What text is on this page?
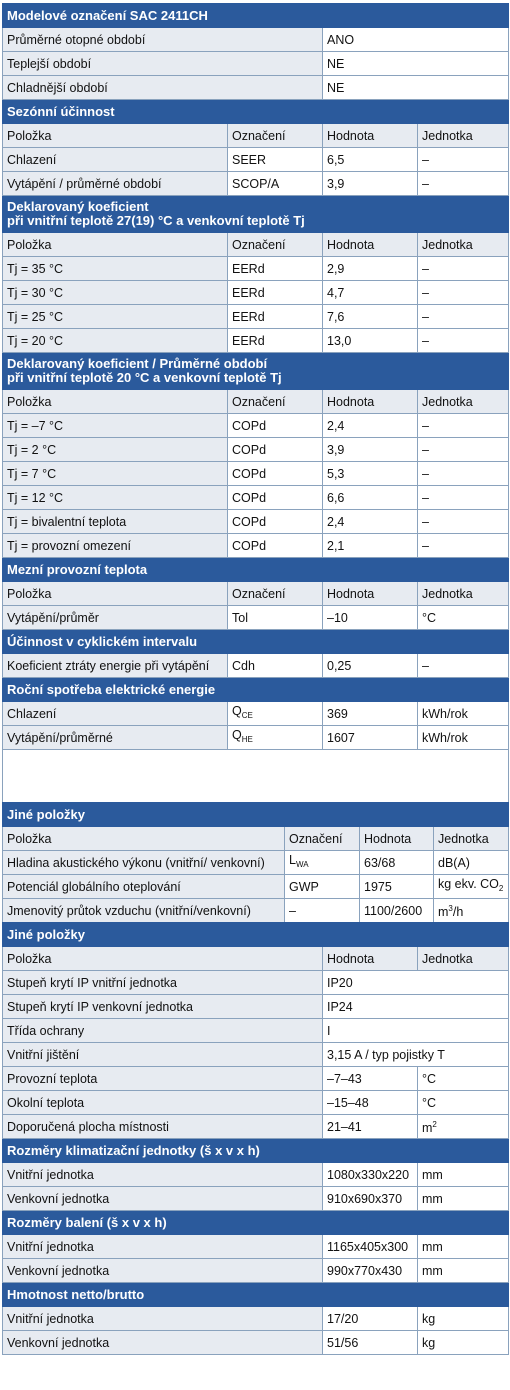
Modelové označení SAC 2411CH			
Průměrné otopné období		ANO	
Teplejší období		NE	
Chladnější období		NE	
Sezónní účinnost			
Položka	Označení	Hodnota	Jednotka
Chlazení	SEER	6,5	–
Vytápění / průměrné období	SCOP/A	3,9	–
Deklarovaný koeficient
při vnitřní teplotě 27(19) °C a venkovní teplotě Tj			
Položka	Označení	Hodnota	Jednotka
Tj = 35 °C	EERd	2,9	–
Tj = 30 °C	EERd	4,7	–
Tj = 25 °C	EERd	7,6	–
Tj = 20 °C	EERd	13,0	–
Deklarovaný koeficient / Průměrné období
při vnitřní teplotě 20 °C a venkovní teplotě Tj			
Položka	Označení	Hodnota	Jednotka
Tj = –7 °C	COPd	2,4	–
Tj = 2 °C	COPd	3,9	–
Tj = 7 °C	COPd	5,3	–
Tj = 12 °C	COPd	6,6	–
Tj = bivalentní teplota	COPd	2,4	–
Tj = provozní omezení	COPd	2,1	–
Mezní provozní teplota			
Položka	Označení	Hodnota	Jednotka
Vytápění/průměr	Tol	–10	°C
Účinnost v cyklickém intervalu			
Koeficient ztráty energie při vytápění	Cdh	0,25	–
Roční spotřeba elektrické energie			
Chlazení	$Q_{CE}$	369	kWh/rok
Vytápění/průměrné	$Q_{HE}$	1607	kWh/rok

Jiné položky			
Položka	Označení	Hodnota	Jednotka
Hladina akustického výkonu (vnitřní/ venkovní)	$L_{WA}$	63/68	dB(A)
Potenciál globálního oteplování	GWP	1975	kg ekv. $CO_2$
Jmenovitý průtok vzduchu (vnitřní/venkovní)	–	1100/2600	$m^3/h$
Jiné položky		
Položka	Hodnota	Jednotka
Stupeň krytí IP vnitřní jednotka	IP20	
Stupeň krytí IP venkovní jednotka	IP24	
Třída ochrany	I	
Vnitřní jištění	3,15 A / typ pojistky T	
Provozní teplota	–7–43	°C
Okolní teplota	–15–48	°C
Doporučená plocha místnosti	21–41	$m^2$
Rozměry klimatizační jednotky (š x v x h)		
Vnitřní jednotka	1080x330x220	mm
Venkovní jednotka	910x690x370	mm
Rozměry balení (š x v x h)		
Vnitřní jednotka	1165x405x300	mm
Venkovní jednotka	990x770x430	mm
Hmotnost netto/brutto		
Vnitřní jednotka	17/20	kg
Venkovní jednotka	51/56	kg
